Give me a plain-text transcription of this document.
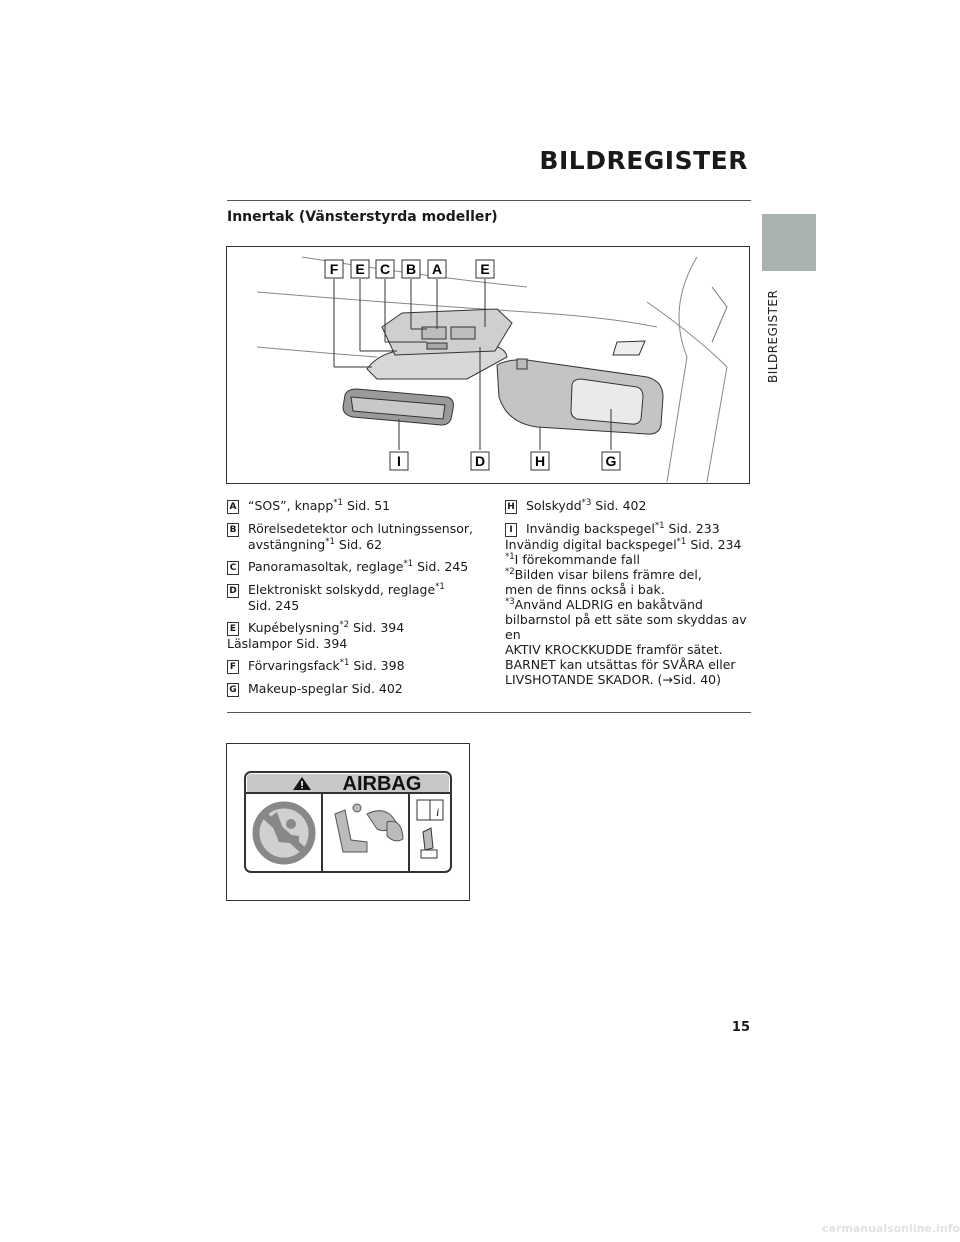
BILDREGISTER
BILDREGISTER
Innertak (Vänsterstyrda modeller)
F E C B A	E
I	D	H	G
A “SOS”, knapp$^{*1}$ Sid. 51
B Rörelsedetektor och lutningssensor,
avstängning$^{*1}$ Sid. 62
C Panoramasoltak, reglage$^{*1}$ Sid. 245
D Elektroniskt solskydd, reglage$^{*1}$
Sid. 245
E Kupébelysning$^{*2}$ Sid. 394
Läslampor Sid. 394
F Förvaringsfack$^{*1}$ Sid. 398
G Makeup-speglar Sid. 402
H Solskydd$^{*3}$ Sid. 402
I Invändig backspegel$^{*1}$ Sid. 233
Invändig digital backspegel$^{*1}$ Sid. 234
$^{*1}$I förekommande fall
$^{*2}$Bilden visar bilens främre del,
men de finns också i bak.
$^{*3}$Använd ALDRIG en bakåtvänd
bilbarnstol på ett säte som skyddas av en
AKTIV KROCKKUDDE framför sätet.
BARNET kan utsättas för SVÅRA eller
LIVSHOTANDE SKADOR. (→Sid. 40)
AIRBAG
i
15
carmanualsonline.info
